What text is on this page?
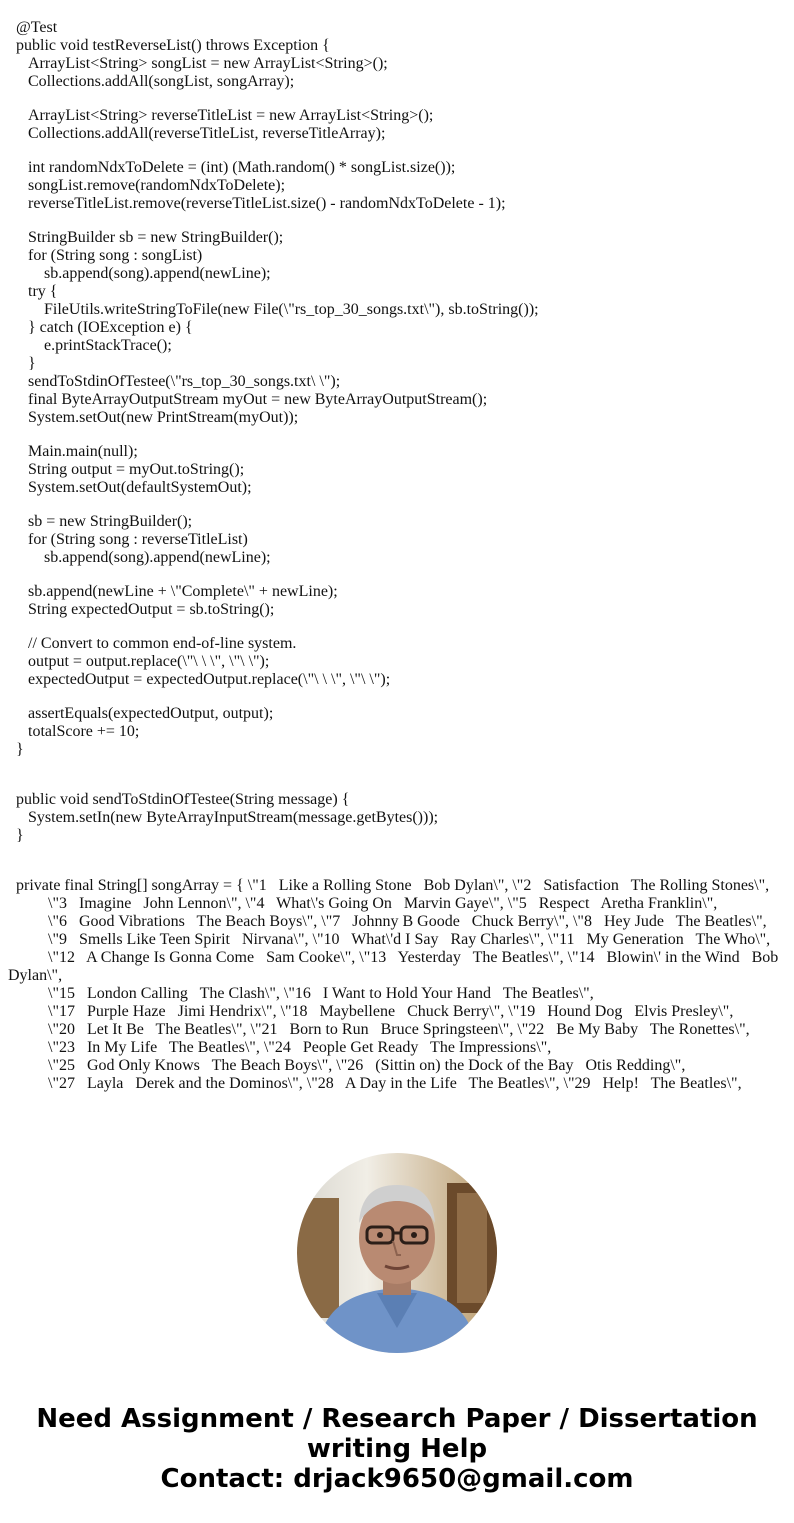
@Test
public void testReverseList() throws Exception {
ArrayList<String> songList = new ArrayList<String>();
Collections.addAll(songList, songArray);
ArrayList<String> reverseTitleList = new ArrayList<String>();
Collections.addAll(reverseTitleList, reverseTitleArray);
int randomNdxToDelete = (int) (Math.random() * songList.size());
songList.remove(randomNdxToDelete);
reverseTitleList.remove(reverseTitleList.size() - randomNdxToDelete - 1);
StringBuilder sb = new StringBuilder();
for (String song : songList)
sb.append(song).append(newLine);
try {
FileUtils.writeStringToFile(new File(\"rs_top_30_songs.txt\"), sb.toString());
} catch (IOException e) {
e.printStackTrace();
}
sendToStdinOfTestee(\"rs_top_30_songs.txt\ \");
final ByteArrayOutputStream myOut = new ByteArrayOutputStream();
System.setOut(new PrintStream(myOut));
Main.main(null);
String output = myOut.toString();
System.setOut(defaultSystemOut);
sb = new StringBuilder();
for (String song : reverseTitleList)
sb.append(song).append(newLine);
sb.append(newLine + \"Complete\" + newLine);
String expectedOutput = sb.toString();
// Convert to common end-of-line system.
output = output.replace(\"\ \ \", \"\ \");
expectedOutput = expectedOutput.replace(\"\ \ \", \"\ \");
assertEquals(expectedOutput, output);
totalScore += 10;
}
public void sendToStdinOfTestee(String message) {
System.setIn(new ByteArrayInputStream(message.getBytes()));
}
private final String[] songArray = { \"1   Like a Rolling Stone   Bob Dylan\", \"2   Satisfaction   The Rolling Stones\",
\"3   Imagine   John Lennon\", \"4   What\'s Going On   Marvin Gaye\", \"5   Respect   Aretha Franklin\",
\"6   Good Vibrations   The Beach Boys\", \"7   Johnny B Goode   Chuck Berry\", \"8   Hey Jude   The Beatles\",
\"9   Smells Like Teen Spirit   Nirvana\", \"10   What\'d I Say   Ray Charles\", \"11   My Generation   The Who\",
\"12   A Change Is Gonna Come   Sam Cooke\", \"13   Yesterday   The Beatles\", \"14   Blowin\' in the Wind   Bob Dylan\",
\"15   London Calling   The Clash\", \"16   I Want to Hold Your Hand   The Beatles\",
\"17   Purple Haze   Jimi Hendrix\", \"18   Maybellene   Chuck Berry\", \"19   Hound Dog   Elvis Presley\",
\"20   Let It Be   The Beatles\", \"21   Born to Run   Bruce Springsteen\", \"22   Be My Baby   The Ronettes\",
\"23   In My Life   The Beatles\", \"24   People Get Ready   The Impressions\",
\"25   God Only Knows   The Beach Boys\", \"26   (Sittin on) the Dock of the Bay   Otis Redding\",
\"27   Layla   Derek and the Dominos\", \"28   A Day in the Life   The Beatles\", \"29   Help!   The Beatles\",
Need Assignment / Research Paper / Dissertation
writing Help
Contact: drjack9650@gmail.com
